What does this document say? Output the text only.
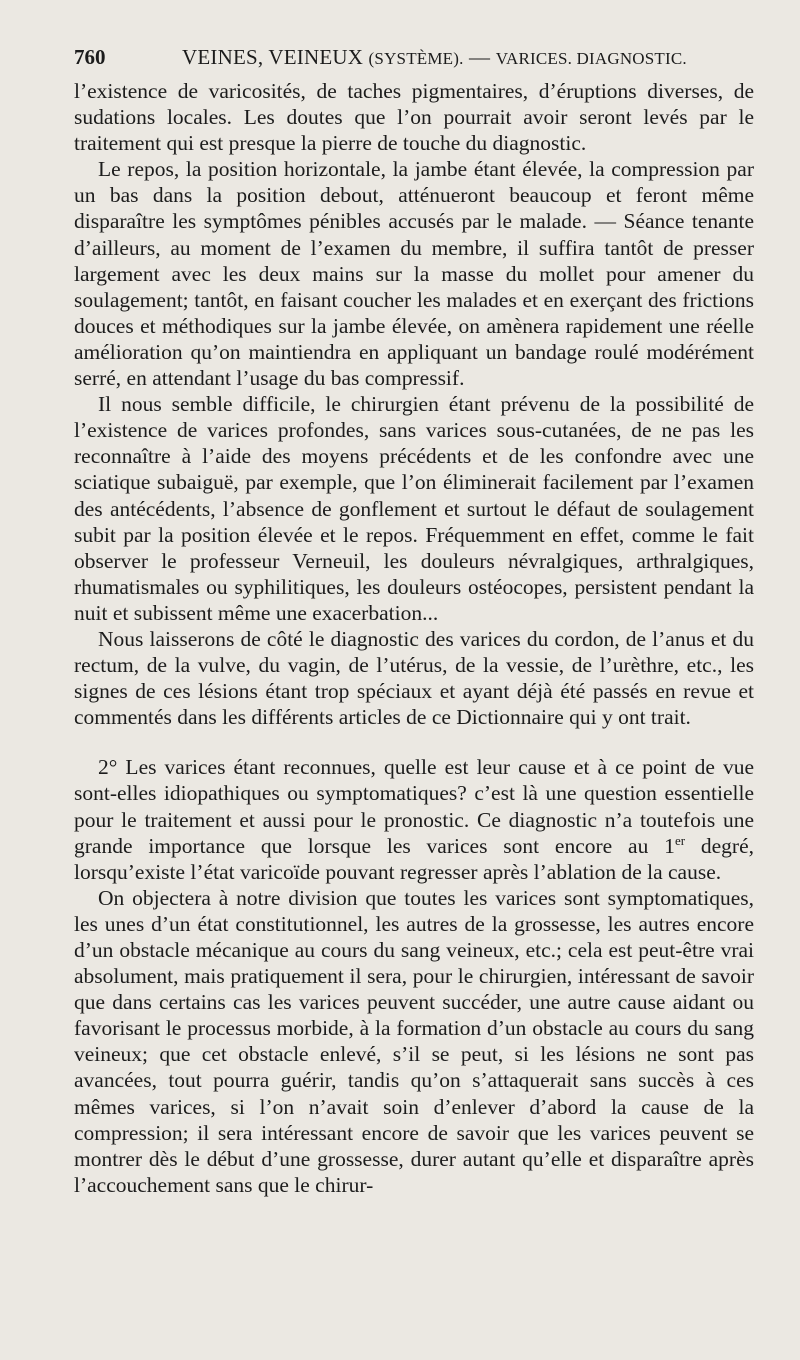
760	VEINES, VEINEUX (SYSTÈME). — VARICES. DIAGNOSTIC.

l’existence de varicosités, de taches pigmentaires, d’éruptions diverses, de sudations locales. Les doutes que l’on pourrait avoir seront levés par le traitement qui est presque la pierre de touche du diagnostic.

Le repos, la position horizontale, la jambe étant élevée, la compression par un bas dans la position debout, atténueront beaucoup et feront même disparaître les symptômes pénibles accusés par le malade. — Séance tenante d’ailleurs, au moment de l’examen du membre, il suffira tantôt de presser largement avec les deux mains sur la masse du mollet pour amener du soulagement; tantôt, en faisant coucher les malades et en exerçant des frictions douces et méthodiques sur la jambe élevée, on amènera rapidement une réelle amélioration qu’on maintiendra en appliquant un bandage roulé modérément serré, en attendant l’usage du bas compressif.

Il nous semble difficile, le chirurgien étant prévenu de la possibilité de l’existence de varices profondes, sans varices sous-cutanées, de ne pas les reconnaître à l’aide des moyens précédents et de les confondre avec une sciatique subaiguë, par exemple, que l’on éliminerait facilement par l’examen des antécédents, l’absence de gonflement et surtout le défaut de soulagement subit par la position élevée et le repos. Fréquemment en effet, comme le fait observer le professeur Verneuil, les douleurs névralgiques, arthralgiques, rhumatismales ou syphilitiques, les douleurs ostéocopes, persistent pendant la nuit et subissent même une exacerbation...

Nous laisserons de côté le diagnostic des varices du cordon, de l’anus et du rectum, de la vulve, du vagin, de l’utérus, de la vessie, de l’urèthre, etc., les signes de ces lésions étant trop spéciaux et ayant déjà été passés en revue et commentés dans les différents articles de ce Dictionnaire qui y ont trait.

2° Les varices étant reconnues, quelle est leur cause et à ce point de vue sont-elles idiopathiques ou symptomatiques? c’est là une question essentielle pour le traitement et aussi pour le pronostic. Ce diagnostic n’a toutefois une grande importance que lorsque les varices sont encore au 1er degré, lorsqu’existe l’état varicoïde pouvant regresser après l’ablation de la cause.

On objectera à notre division que toutes les varices sont symptomatiques, les unes d’un état constitutionnel, les autres de la grossesse, les autres encore d’un obstacle mécanique au cours du sang veineux, etc.; cela est peut-être vrai absolument, mais pratiquement il sera, pour le chirurgien, intéressant de savoir que dans certains cas les varices peuvent succéder, une autre cause aidant ou favorisant le processus morbide, à la formation d’un obstacle au cours du sang veineux; que cet obstacle enlevé, s’il se peut, si les lésions ne sont pas avancées, tout pourra guérir, tandis qu’on s’attaquerait sans succès à ces mêmes varices, si l’on n’avait soin d’enlever d’abord la cause de la compression; il sera intéressant encore de savoir que les varices peuvent se montrer dès le début d’une grossesse, durer autant qu’elle et disparaître après l’accouchement sans que le chirur-
